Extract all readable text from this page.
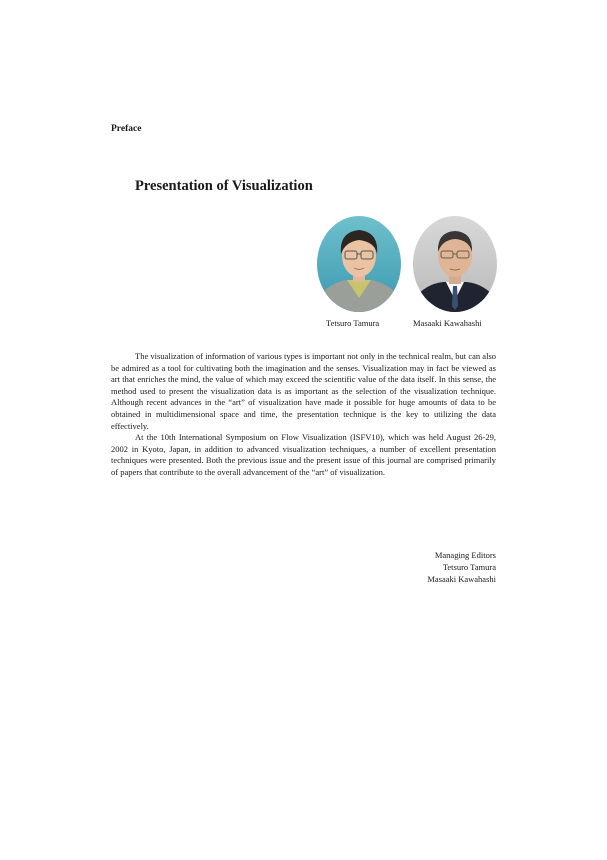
Preface
Presentation of Visualization

Tetsuro Tamura	Masaaki Kawahashi

The visualization of information of various types is important not only in the technical realm, but can also be admired as a tool for cultivating both the imagination and the senses. Visualization may in fact be viewed as art that enriches the mind, the value of which may exceed the scientific value of the data itself. In this sense, the method used to present the visualization data is as important as the selection of the visualization technique. Although recent advances in the “art” of visualization have made it possible for huge amounts of data to be obtained in multidimensional space and time, the presentation technique is the key to utilizing the data effectively.

At the 10th International Symposium on Flow Visualization (ISFV10), which was held August 26-29, 2002 in Kyoto, Japan, in addition to advanced visualization techniques, a number of excellent presentation techniques were presented. Both the previous issue and the present issue of this journal are comprised primarily of papers that contribute to the overall advancement of the “art” of visualization.

Managing Editors
Tetsuro Tamura
Masaaki Kawahashi
